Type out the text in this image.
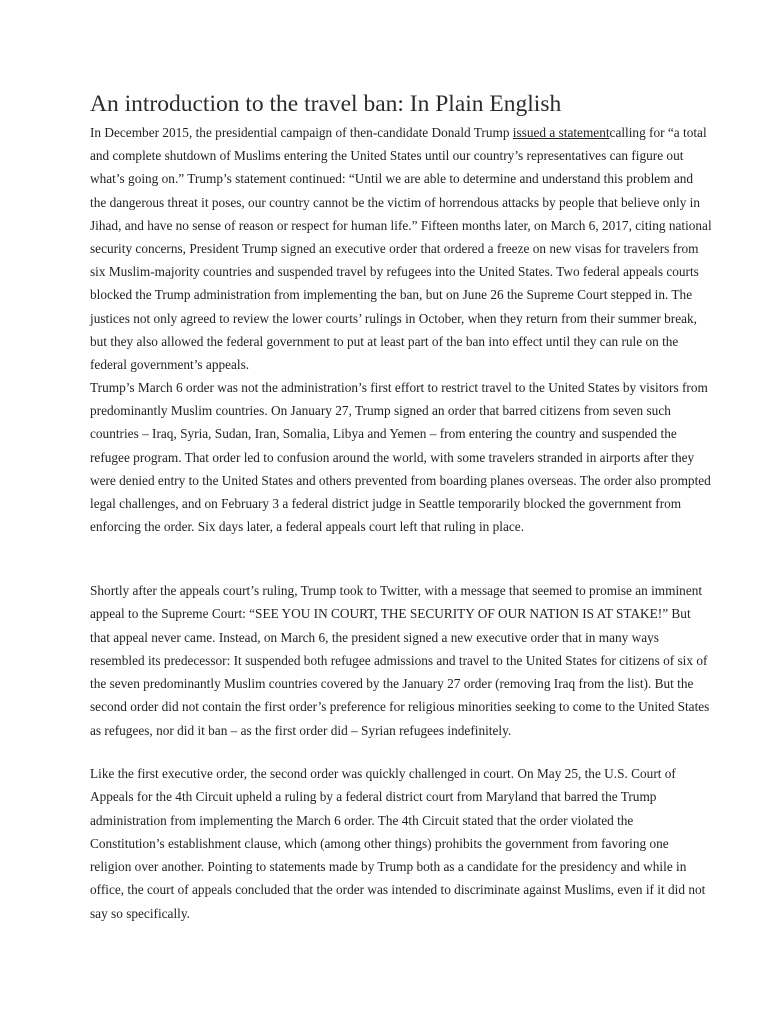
An introduction to the travel ban: In Plain English
In December 2015, the presidential campaign of then-candidate Donald Trump issued a statementcalling for “a total
and complete shutdown of Muslims entering the United States until our country’s representatives can figure out
what’s going on.” Trump’s statement continued: “Until we are able to determine and understand this problem and
the dangerous threat it poses, our country cannot be the victim of horrendous attacks by people that believe only in
Jihad, and have no sense of reason or respect for human life.” Fifteen months later, on March 6, 2017, citing national
security concerns, President Trump signed an executive order that ordered a freeze on new visas for travelers from
six Muslim-majority countries and suspended travel by refugees into the United States. Two federal appeals courts
blocked the Trump administration from implementing the ban, but on June 26 the Supreme Court stepped in. The
justices not only agreed to review the lower courts’ rulings in October, when they return from their summer break,
but they also allowed the federal government to put at least part of the ban into effect until they can rule on the
federal government’s appeals.
Trump’s March 6 order was not the administration’s first effort to restrict travel to the United States by visitors from
predominantly Muslim countries. On January 27, Trump signed an order that barred citizens from seven such
countries – Iraq, Syria, Sudan, Iran, Somalia, Libya and Yemen – from entering the country and suspended the
refugee program. That order led to confusion around the world, with some travelers stranded in airports after they
were denied entry to the United States and others prevented from boarding planes overseas. The order also prompted
legal challenges, and on February 3 a federal district judge in Seattle temporarily blocked the government from
enforcing the order. Six days later, a federal appeals court left that ruling in place.
Shortly after the appeals court’s ruling, Trump took to Twitter, with a message that seemed to promise an imminent
appeal to the Supreme Court: “SEE YOU IN COURT, THE SECURITY OF OUR NATION IS AT STAKE!” But
that appeal never came. Instead, on March 6, the president signed a new executive order that in many ways
resembled its predecessor: It suspended both refugee admissions and travel to the United States for citizens of six of
the seven predominantly Muslim countries covered by the January 27 order (removing Iraq from the list). But the
second order did not contain the first order’s preference for religious minorities seeking to come to the United States
as refugees, nor did it ban – as the first order did – Syrian refugees indefinitely.
Like the first executive order, the second order was quickly challenged in court. On May 25, the U.S. Court of
Appeals for the 4th Circuit upheld a ruling by a federal district court from Maryland that barred the Trump
administration from implementing the March 6 order. The 4th Circuit stated that the order violated the
Constitution’s establishment clause, which (among other things) prohibits the government from favoring one
religion over another. Pointing to statements made by Trump both as a candidate for the presidency and while in
office, the court of appeals concluded that the order was intended to discriminate against Muslims, even if it did not
say so specifically.
